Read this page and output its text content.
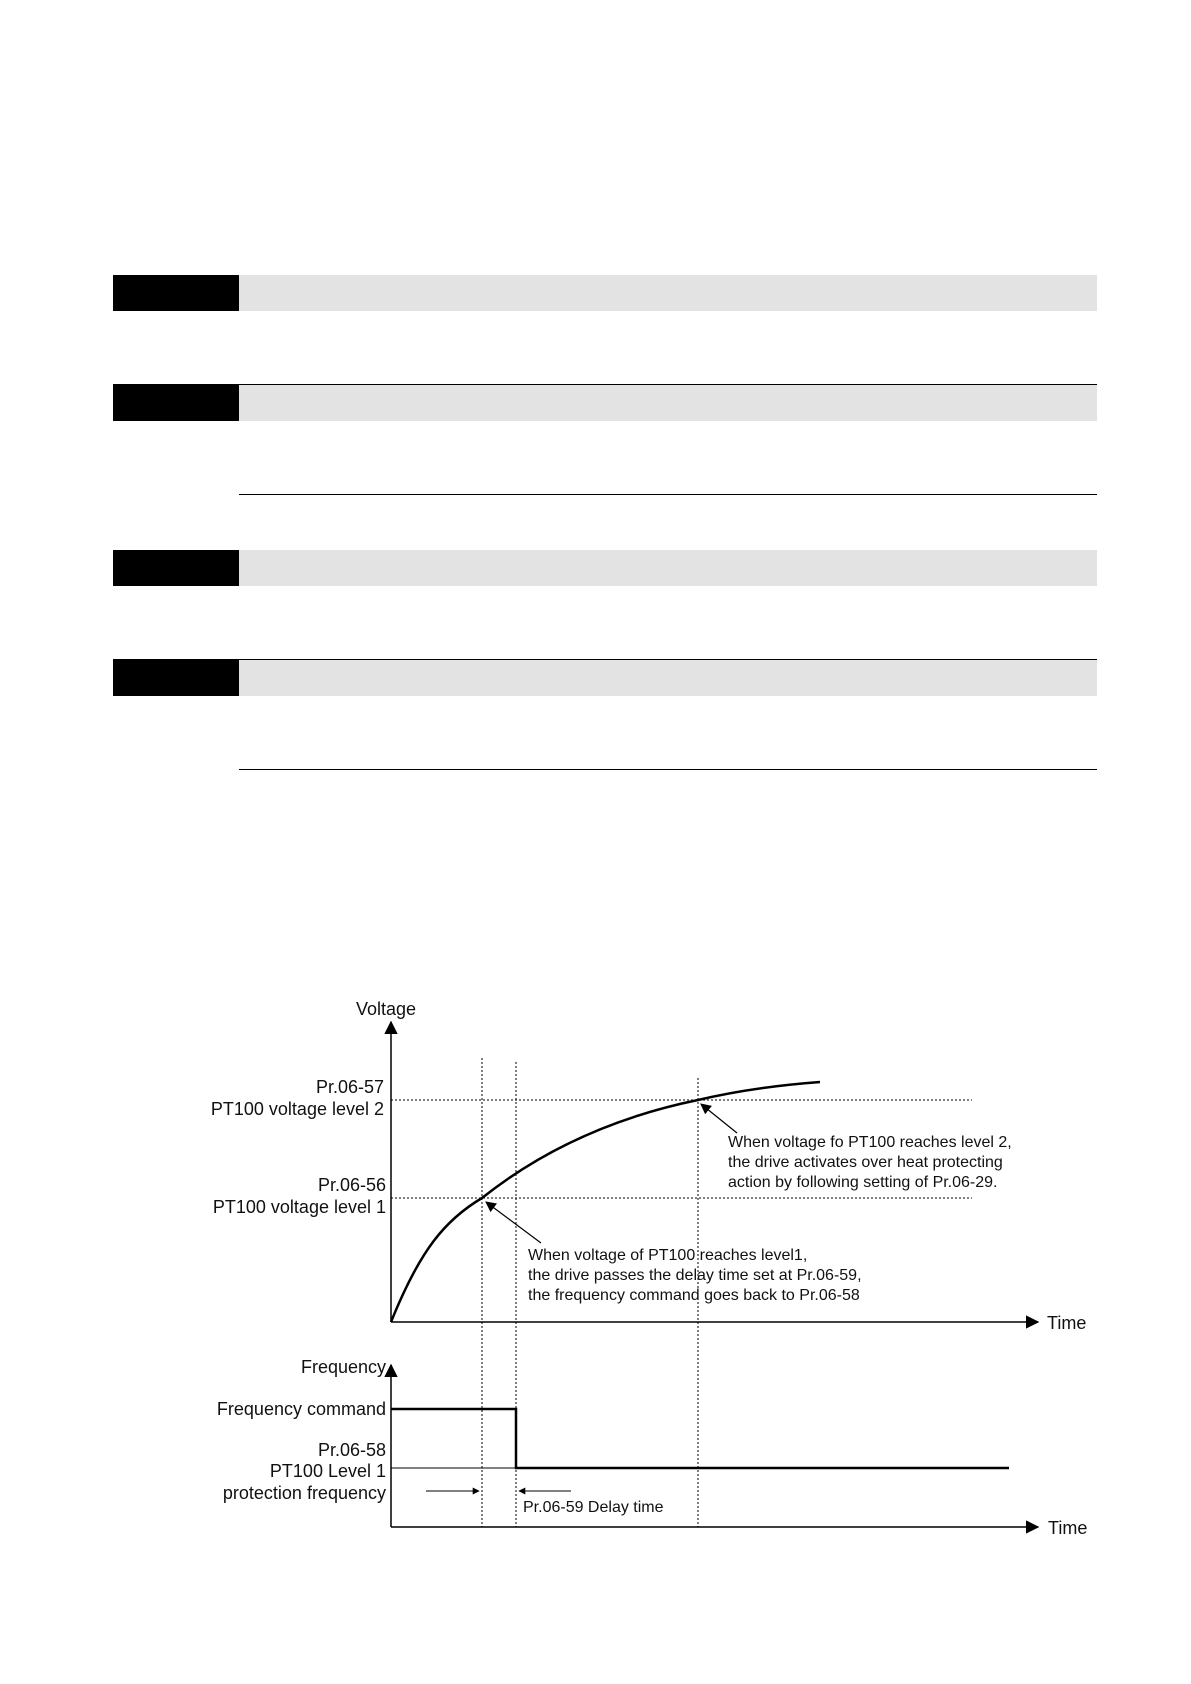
Voltage
Time
Frequency
Time
Pr.06-57
PT100 voltage level 2
Pr.06-56
PT100 voltage level 1
Frequency command
Pr.06-58
PT100 Level 1
protection frequency
Pr.06-59 Delay time
When voltage fo PT100 reaches level 2,
the drive activates over heat protecting
action by following setting of Pr.06-29.
When voltage of PT100 reaches level1,
the drive passes the delay time set at Pr.06-59,
the frequency command goes back to Pr.06-58
